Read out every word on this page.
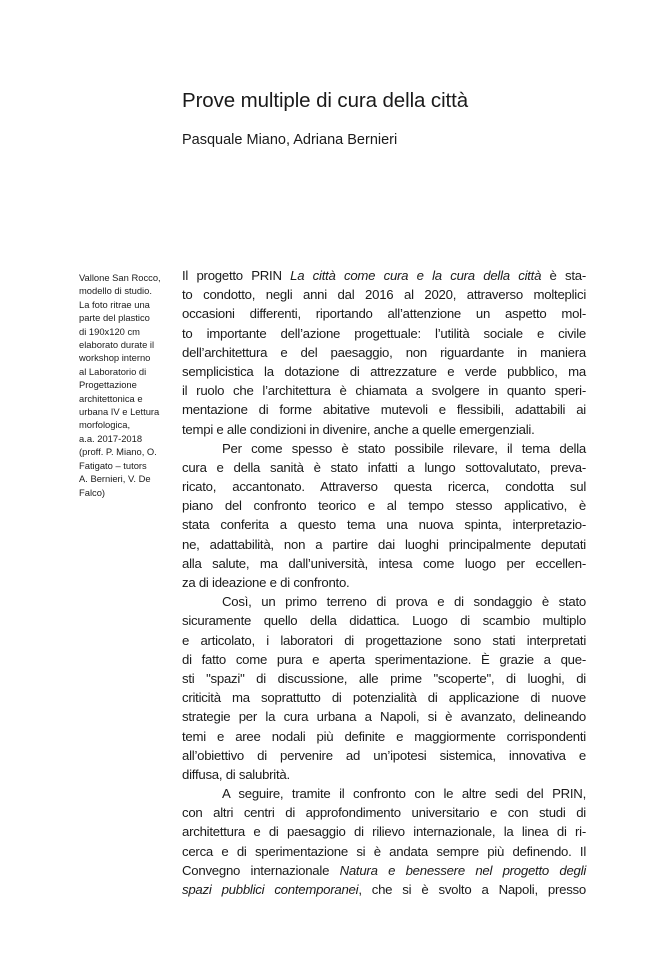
Prove multiple di cura della città

Pasquale Miano, Adriana Bernieri

Vallone San Rocco,
modello di studio.
La foto ritrae una
parte del plastico
di 190x120 cm
elaborato durate il
workshop interno
al Laboratorio di
Progettazione
architettonica e
urbana IV e Lettura
morfologica,
a.a. 2017-2018
(proff. P. Miano, O.
Fatigato – tutors
A. Bernieri, V. De
Falco)
Il progetto PRIN La città come cura e la cura della città è sta-
to condotto, negli anni dal 2016 al 2020, attraverso molteplici
occasioni differenti, riportando all’attenzione un aspetto mol-
to importante dell’azione progettuale: l’utilità sociale e civile
dell’architettura e del paesaggio, non riguardante in maniera
semplicistica la dotazione di attrezzature e verde pubblico, ma
il ruolo che l’architettura è chiamata a svolgere in quanto speri-
mentazione di forme abitative mutevoli e flessibili, adattabili ai
tempi e alle condizioni in divenire, anche a quelle emergenziali.
Per come spesso è stato possibile rilevare, il tema della
cura e della sanità è stato infatti a lungo sottovalutato, preva-
ricato, accantonato. Attraverso questa ricerca, condotta sul
piano del confronto teorico e al tempo stesso applicativo, è
stata conferita a questo tema una nuova spinta, interpretazio-
ne, adattabilità, non a partire dai luoghi principalmente deputati
alla salute, ma dall’università, intesa come luogo per eccellen-
za di ideazione e di confronto.
Così, un primo terreno di prova e di sondaggio è stato
sicuramente quello della didattica. Luogo di scambio multiplo
e articolato, i laboratori di progettazione sono stati interpretati
di fatto come pura e aperta sperimentazione. È grazie a que-
sti "spazi" di discussione, alle prime "scoperte", di luoghi, di
criticità ma soprattutto di potenzialità di applicazione di nuove
strategie per la cura urbana a Napoli, si è avanzato, delineando
temi e aree nodali più definite e maggiormente corrispondenti
all’obiettivo di pervenire ad un’ipotesi sistemica, innovativa e
diffusa, di salubrità.
A seguire, tramite il confronto con le altre sedi del PRIN,
con altri centri di approfondimento universitario e con studi di
architettura e di paesaggio di rilievo internazionale, la linea di ri-
cerca e di sperimentazione si è andata sempre più definendo. Il
Convegno internazionale Natura e benessere nel progetto degli
spazi pubblici contemporanei, che si è svolto a Napoli, presso
